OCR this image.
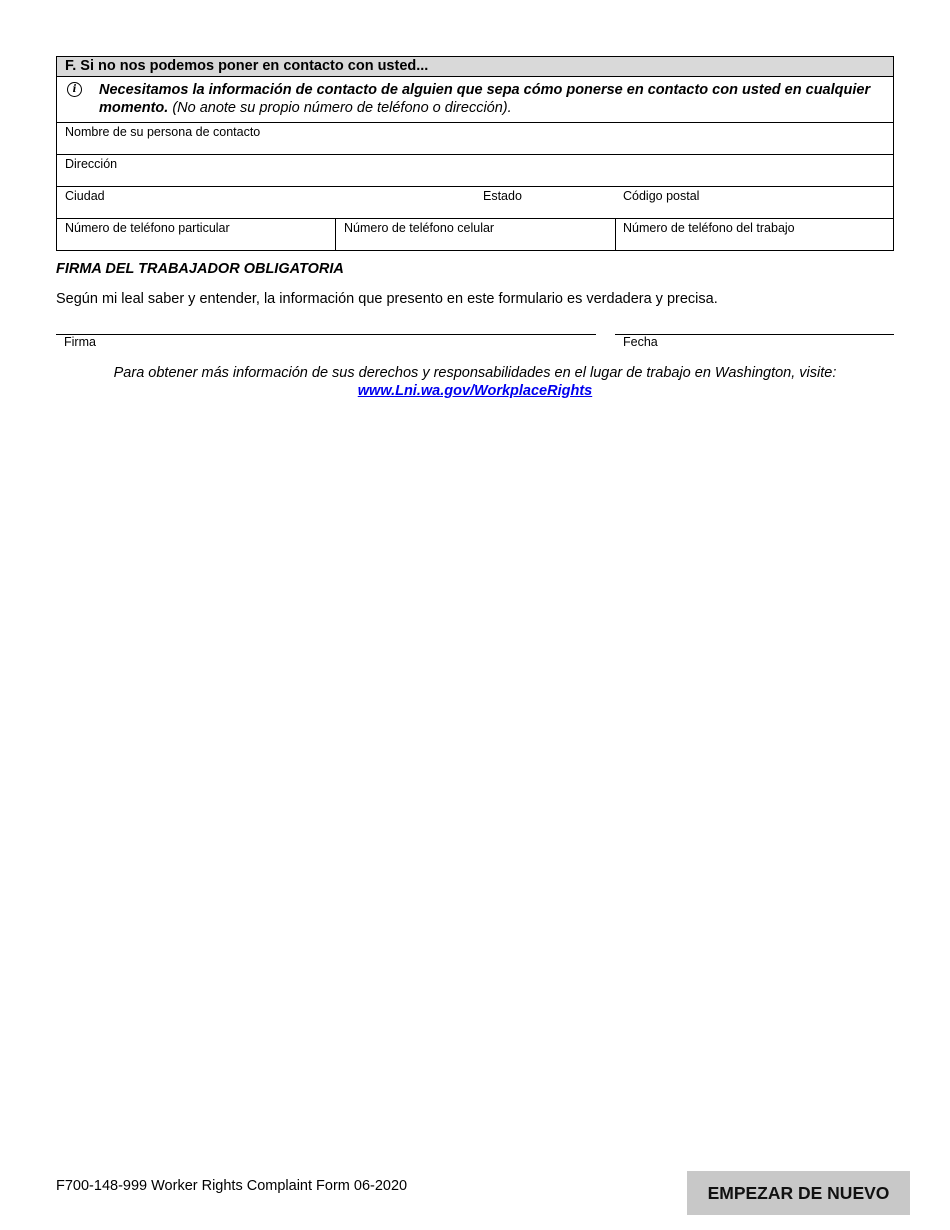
F. Si no nos podemos poner en contacto con usted...
i	Necesitamos la información de contacto de alguien que sepa cómo ponerse en contacto con usted en cualquier momento. (No anote su propio número de teléfono o dirección).
Nombre de su persona de contacto
Dirección
Ciudad	Estado	Código postal
Número de teléfono particular	Número de teléfono celular	Número de teléfono del trabajo
FIRMA DEL TRABAJADOR OBLIGATORIA
Según mi leal saber y entender, la información que presento en este formulario es verdadera y precisa.
Firma	Fecha
Para obtener más información de sus derechos y responsabilidades en el lugar de trabajo en Washington, visite:
www.Lni.wa.gov/WorkplaceRights
F700-148-999 Worker Rights Complaint Form 06-2020	EMPEZAR DE NUEVO
